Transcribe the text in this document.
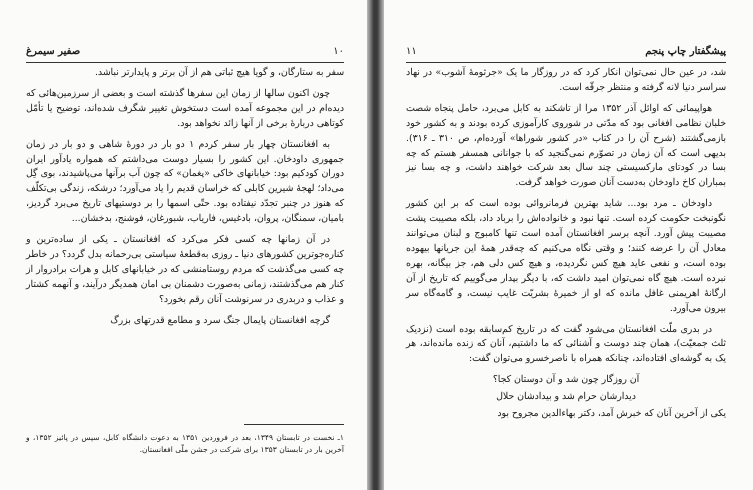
صفیر سیمرغ	۱۰

سفر به ستارگان، و گویا هیچ ثباتی هم از آن برتر و پایدارتر نباشد.

چون اکنون سالها از زمان این سفرها گذشته است و بعضی از سرزمین‌هائی که دیده‌ام در این مجموعه آمده است دستخوش تغییر شگرف شده‌اند، توضیح یا تأمّل کوتاهی دربارهٔ برخی از آنها زائد نخواهد بود.

به افغانستان چهار بار سفر کردم ۱ دو بار در دورهٔ شاهی و دو بار در زمان جمهوری داودخان. این کشور را بسیار دوست می‌داشتم که همواره یادآور ایران دوران کودکیم بود: خیابانهای خاکی «پغمان» که چون آب برآنها می‌پاشیدند، بوی گِل می‌داد؛ لهجهٔ شیرین کابلی که خراسان قدیم را یاد می‌آورد؛ درشکه، زندگی بی‌تکلّف که هنوز در چنبر تجدّد نیفتاده بود. حتّی اسمها را بر دوستیهای تاریخ می‌برد گردیز، بامیان، سمنگان، پروان، بادغیس، فاریاب، شبورغان، فوشنج، بدخشان...

در آن زمانها چه کسی فکر می‌کرد که افغانستان ـ یکی از ساده‌ترین و کناره‌جوترین کشورهای دنیا ـ روزی به‌قطعهٔ سیاستی بی‌رحمانه بدل گردد؟ در خاطر چه کسی می‌گذشت که مردم روستامنشی که در خیابانهای کابل و هرات برادروار از کنار هم می‌گذشتند، زمانی به‌صورت دشمنان بی امان همدیگر درآیند، و آنهمه کشتار و عذاب و دربدری در سرنوشت آنان رقم بخورد؟

گرچه افغانستان پایمال جنگ سرد و مطامع قدرتهای بزرگ

۱ـ نخست در تابستان ۱۳۴۹، بعد در فروردین ۱۳۵۱ به دعوت دانشگاه کابل، سپس در پائیز ۱۳۵۲، و آخرین بار در تابستان ۱۳۵۳ برای شرکت در جشن ملّی افغانستان.

۱۱	پیشگفتار چاپ پنجم

شد، در عین حال نمی‌توان انکار کرد که در روزگار ما یک «جرثومهٔ آشوب» در نهاد سراسر دنیا لانه گرفته و منتظر جرقّه است.

هواپیمائی که اوائل آذر ۱۳۵۲ مرا از تاشکند به کابل می‌برد، حامل پنجاه شصت خلبان نظامی افغانی بود که مدّتی در شوروی کارآموزی کرده بودند و به کشور خود بازمی‌گشتند (شرح آن را در کتاب «در کشور شوراها» آورده‌ام، ص ۳۱۰ ـ ۳۱۶). بدیهی است که آن زمان در تصوّرم نمی‌گنجید که با جوانانی همسفر هستم که چه بسا در کودتای مارکسیستی چند سال بعد شرکت خواهند داشت، و چه بسا نیز بمباران کاخ داودخان به‌دست آنان صورت خواهد گرفت.

داودخان ـ مرد بود... شاید بهترین فرمانروائی بوده است که بر این کشور نگونبخت حکومت کرده است. تنها نبود و خانواده‌اش را برباد داد، بلکه مصیبت پشت مصیبت پیش آورد. آنچه برسر افغانستان آمده است تنها کامبوج و لبنان می‌توانند معادل آن را عرضه کنند؛ و وقتی نگاه می‌کنیم که چه‌قدر همهٔ این جریانها بیهوده بوده است، و نفعی عاید هیچ کس نگردیده، و هیچ کس دلی هم، جز بیگانه، بهره نبرده است. هیچ گاه نمی‌توان امید داشت که، با دیگر بپدار می‌گوییم که تاریخ از آن ارگانهٔ اهریمنی غافل مانده که او از خمیرهٔ بشریّت غایب نیست، و گامه‌گاه سر بیرون می‌آورد.

در بدری ملّت افغانستان می‌شود گفت که در تاریخ کم‌سابقه بوده است (نزدیک ثلث جمعیّت)، همان چند دوست و آشنائی که ما داشتیم، آنان که زنده مانده‌اند، هر یک به گوشه‌ای افتاده‌اند، چنانکه همراه با ناصرخسرو می‌توان گفت:

آن روزگار چون شد و آن دوستان کجا؟

دیدارشان حرام شد و بیدادشان حلال

یکی از آخرین آنان که خبرش آمد، دکتر بهاءالدین مجروح بود
